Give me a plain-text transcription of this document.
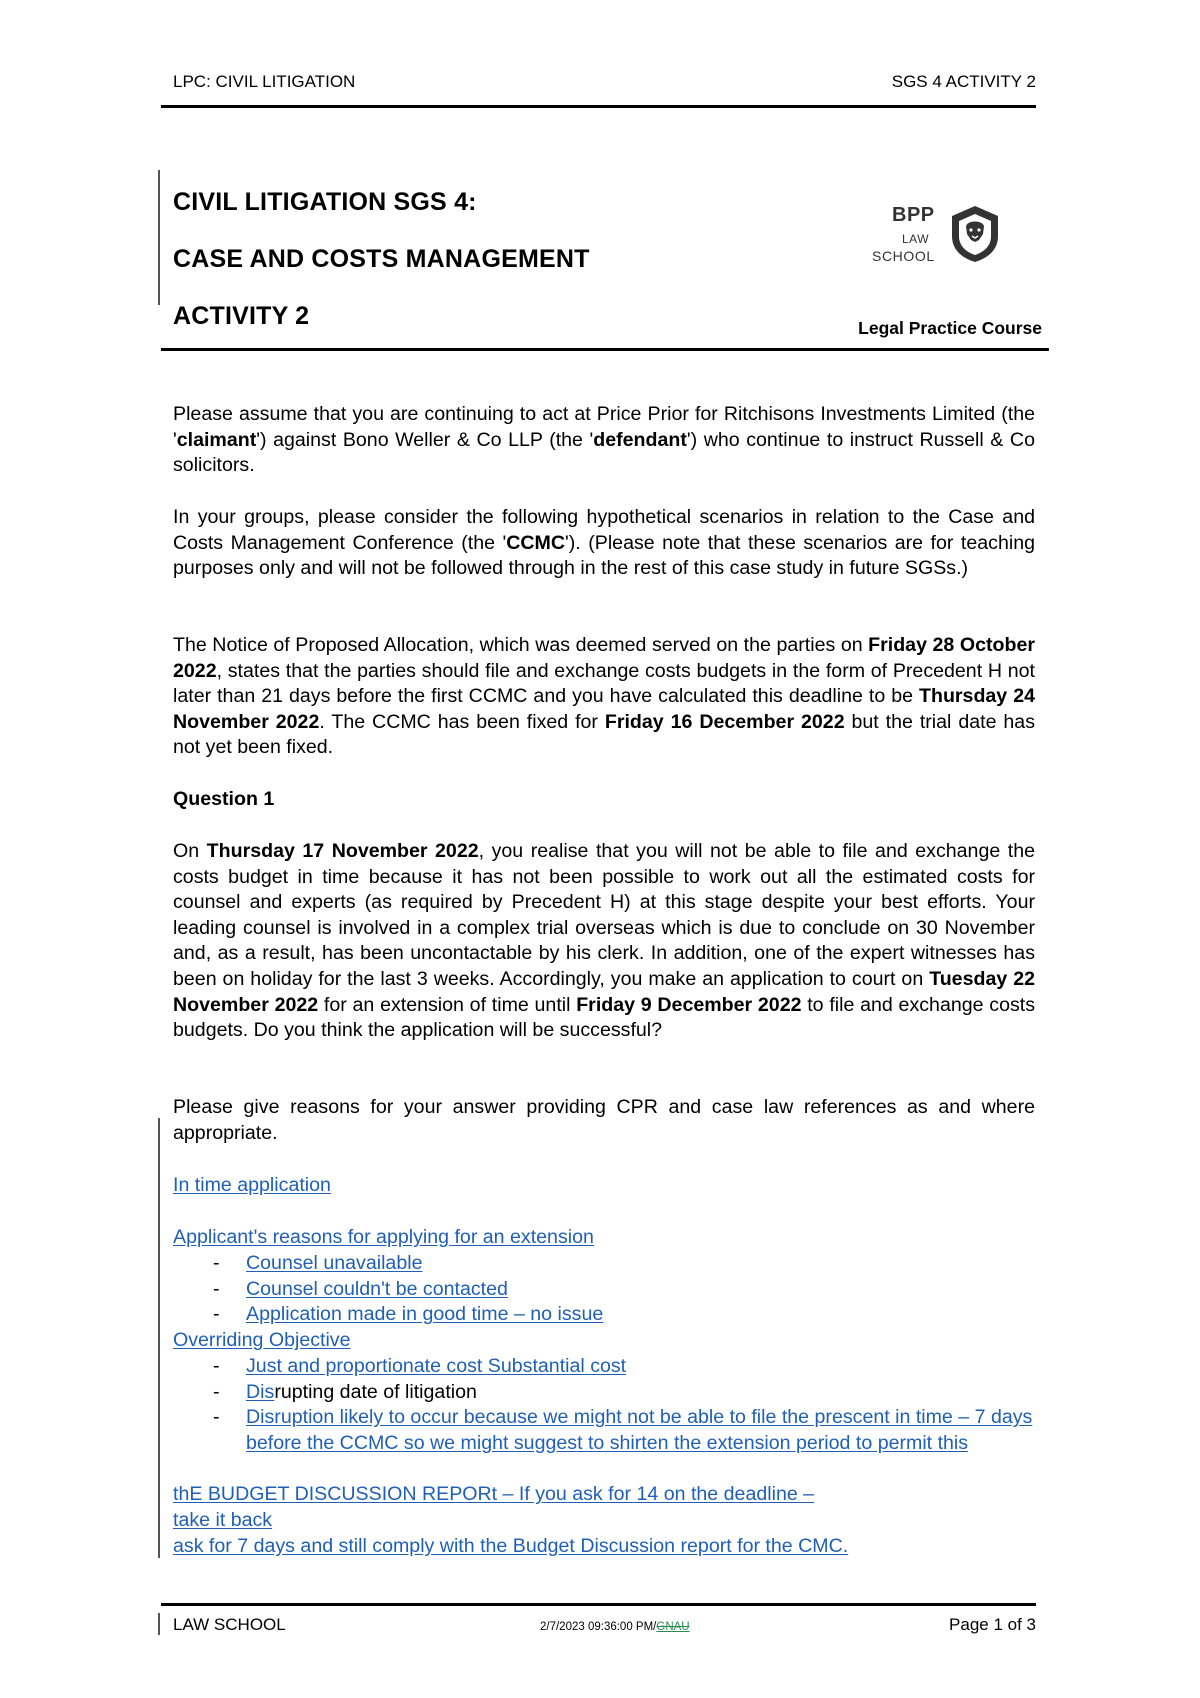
LPC: CIVIL LITIGATION	SGS 4 ACTIVITY 2
CIVIL LITIGATION SGS 4:
CASE AND COSTS MANAGEMENT
ACTIVITY 2
BPP
LAW
SCHOOL
Legal Practice Course

Please assume that you are continuing to act at Price Prior for Ritchisons Investments Limited (the 'claimant') against Bono Weller & Co LLP (the 'defendant') who continue to instruct Russell & Co solicitors.

In your groups, please consider the following hypothetical scenarios in relation to the Case and Costs Management Conference (the 'CCMC'). (Please note that these scenarios are for teaching purposes only and will not be followed through in the rest of this case study in future SGSs.)

The Notice of Proposed Allocation, which was deemed served on the parties on Friday 28 October 2022, states that the parties should file and exchange costs budgets in the form of Precedent H not later than 21 days before the first CCMC and you have calculated this deadline to be Thursday 24 November 2022. The CCMC has been fixed for Friday 16 December 2022 but the trial date has not yet been fixed.

Question 1

On Thursday 17 November 2022, you realise that you will not be able to file and exchange the costs budget in time because it has not been possible to work out all the estimated costs for counsel and experts (as required by Precedent H) at this stage despite your best efforts. Your leading counsel is involved in a complex trial overseas which is due to conclude on 30 November and, as a result, has been uncontactable by his clerk. In addition, one of the expert witnesses has been on holiday for the last 3 weeks. Accordingly, you make an application to court on Tuesday 22 November 2022 for an extension of time until Friday 9 December 2022 to file and exchange costs budgets. Do you think the application will be successful?

Please give reasons for your answer providing CPR and case law references as and where appropriate.

In time application

Applicant's reasons for applying for an extension

- Counsel unavailable
- Counsel couldn't be contacted
- Application made in good time – no issue

Overriding Objective

- Just and proportionate cost Substantial cost
- Disrupting date of litigation
- Disruption likely to occur because we might not be able to file the prescent in time – 7 days before the CCMC so we might suggest to shirten the extension period to permit this

thE BUDGET DISCUSSION REPORt – If you ask for 14 on the deadline –

take it back

ask for 7 days and still comply with the Budget Discussion report for the CMC.

LAW SCHOOL	2/7/2023 09:36:00 PM/GNAU	Page 1 of 3
